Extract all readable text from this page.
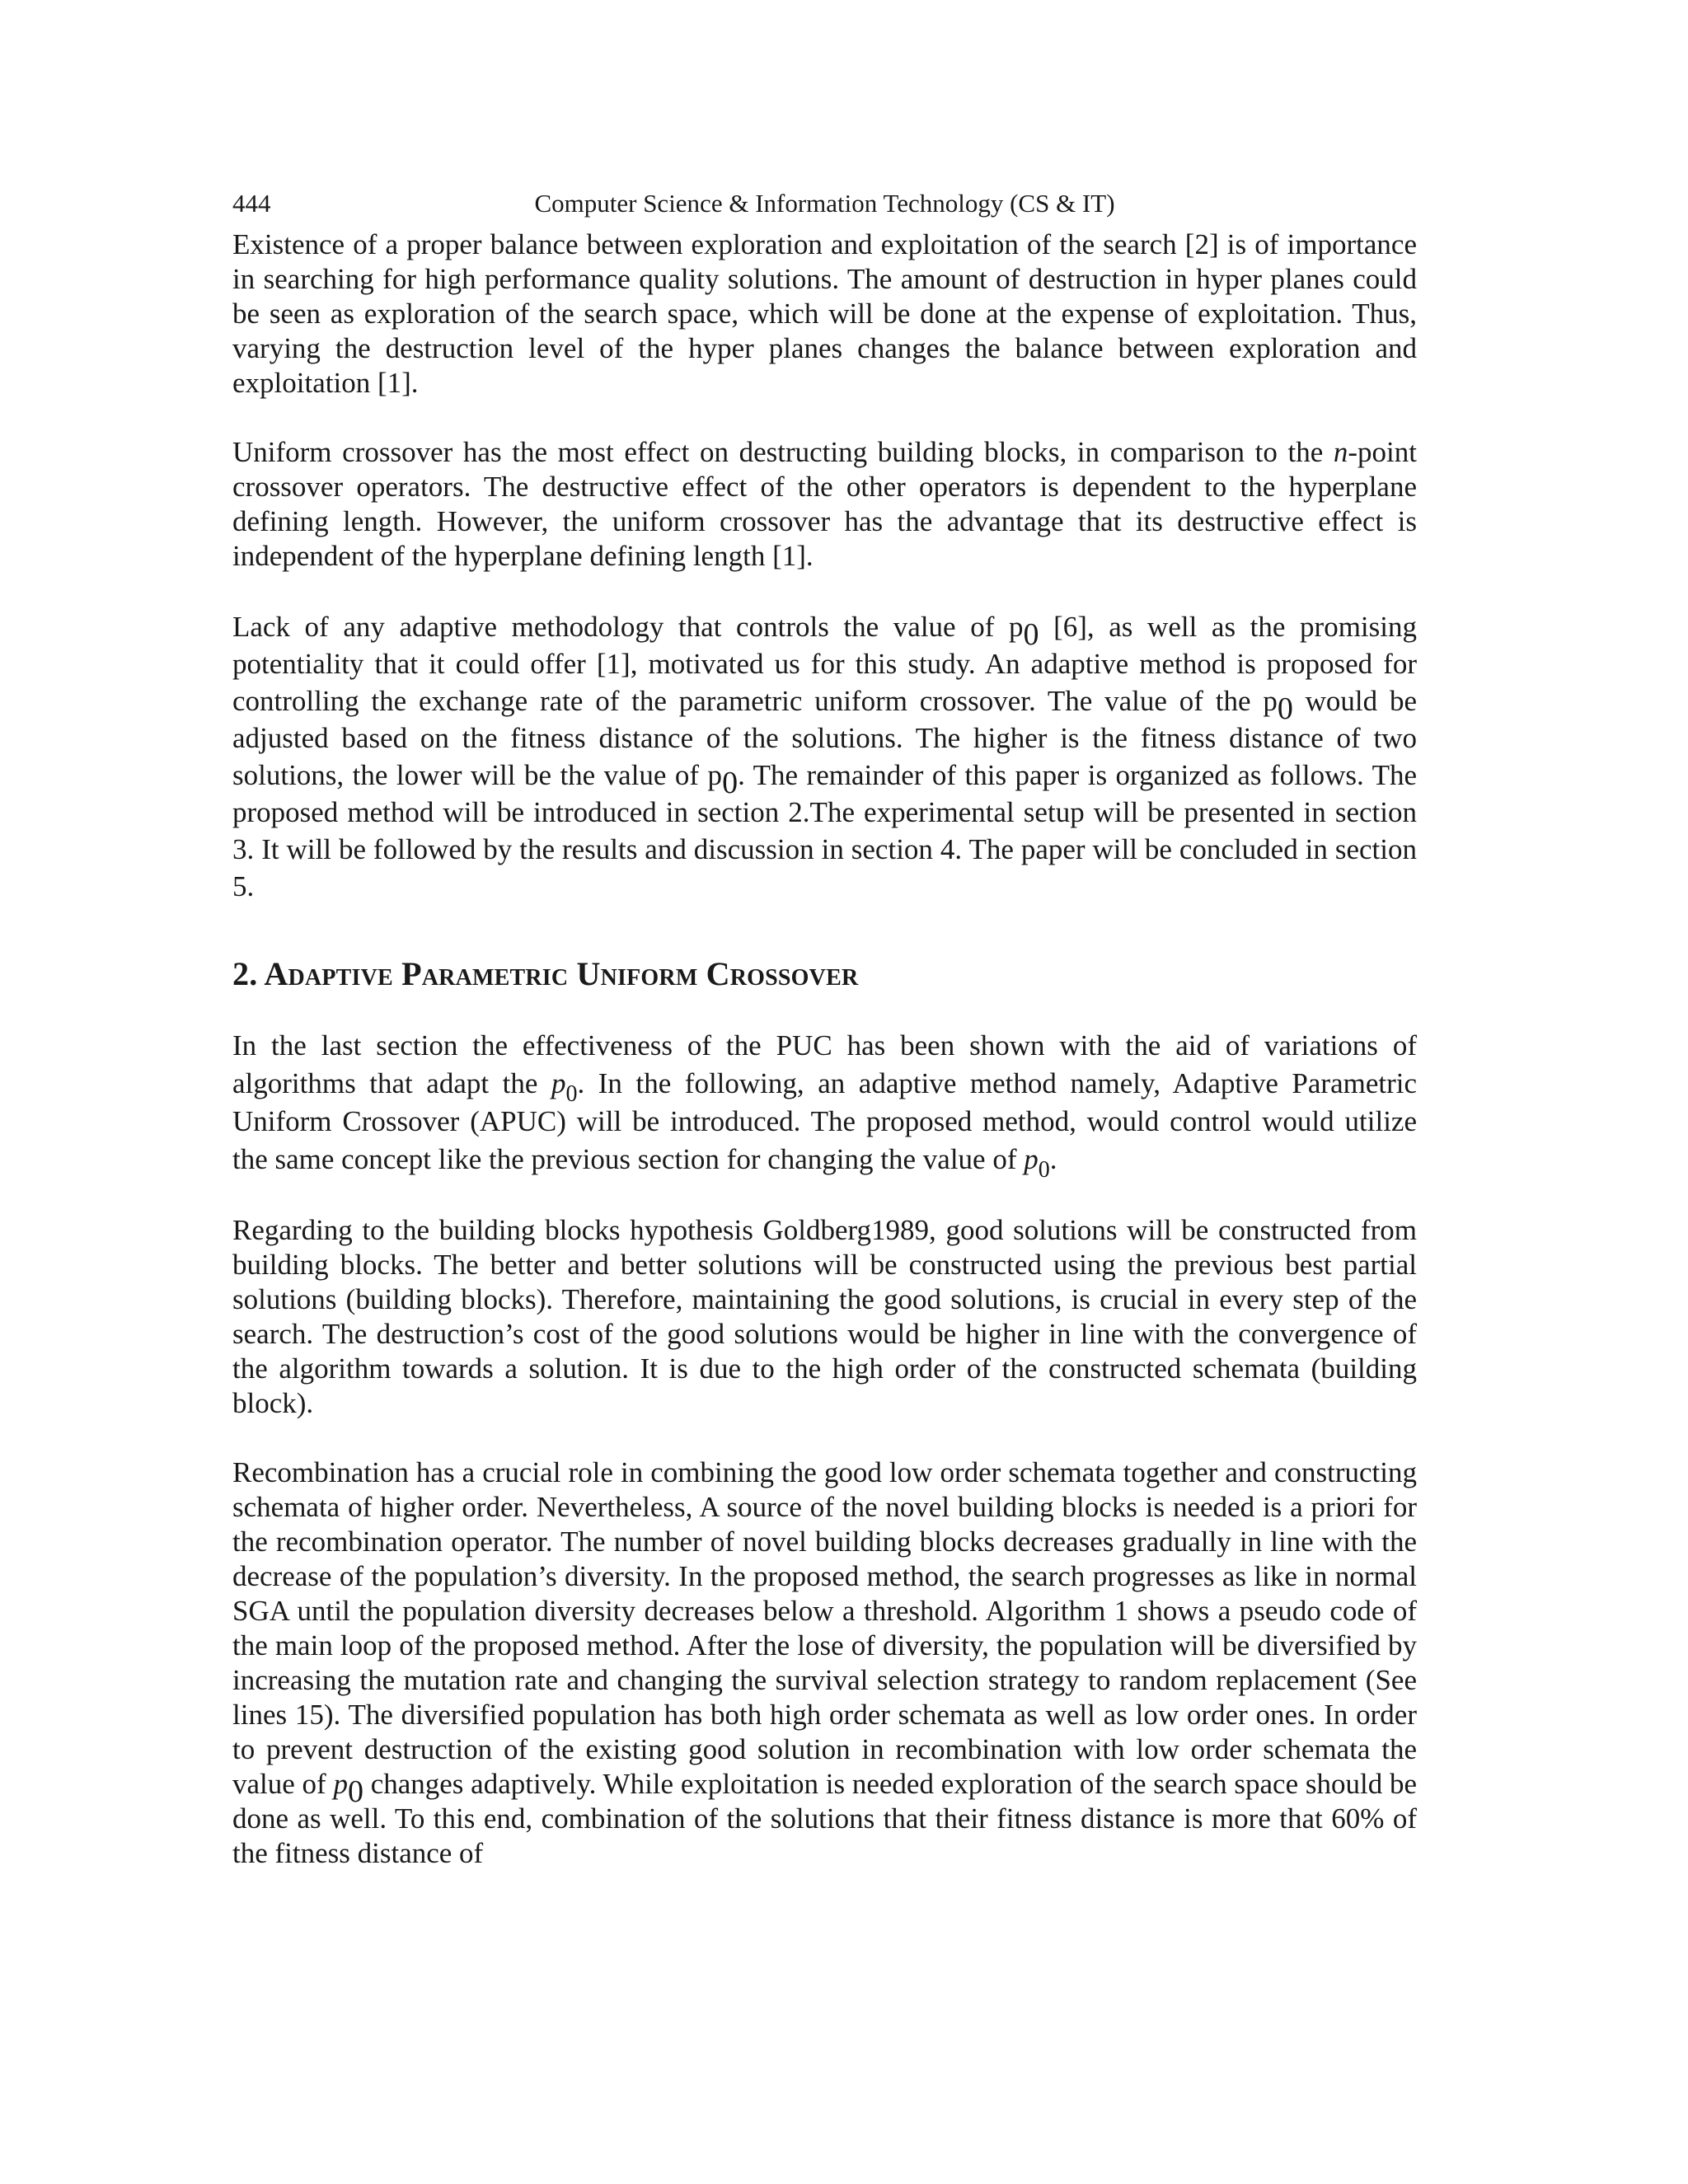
444	Computer Science & Information Technology (CS & IT)

Existence of a proper balance between exploration and exploitation of the search [2] is of importance in searching for high performance quality solutions. The amount of destruction in hyper planes could be seen as exploration of the search space, which will be done at the expense of exploitation. Thus, varying the destruction level of the hyper planes changes the balance between exploration and exploitation [1].

Uniform crossover has the most effect on destructing building blocks, in comparison to the n-point crossover operators. The destructive effect of the other operators is dependent to the hyperplane defining length. However, the uniform crossover has the advantage that its destructive effect is independent of the hyperplane defining length [1].

Lack of any adaptive methodology that controls the value of p0 [6], as well as the promising potentiality that it could offer [1], motivated us for this study. An adaptive method is proposed for controlling the exchange rate of the parametric uniform crossover. The value of the p0 would be adjusted based on the fitness distance of the solutions. The higher is the fitness distance of two solutions, the lower will be the value of p0. The remainder of this paper is organized as follows. The proposed method will be introduced in section 2.The experimental setup will be presented in section 3. It will be followed by the results and discussion in section 4. The paper will be concluded in section 5.

2. Adaptive Parametric Uniform Crossover

In the last section the effectiveness of the PUC has been shown with the aid of variations of algorithms that adapt the $p_0$. In the following, an adaptive method namely, Adaptive Parametric Uniform Crossover (APUC) will be introduced. The proposed method, would control would utilize the same concept like the previous section for changing the value of $p_0$.

Regarding to the building blocks hypothesis Goldberg1989, good solutions will be constructed from building blocks. The better and better solutions will be constructed using the previous best partial solutions (building blocks). Therefore, maintaining the good solutions, is crucial in every step of the search. The destruction’s cost of the good solutions would be higher in line with the convergence of the algorithm towards a solution. It is due to the high order of the constructed schemata (building block).

Recombination has a crucial role in combining the good low order schemata together and constructing schemata of higher order. Nevertheless, A source of the novel building blocks is needed is a priori for the recombination operator. The number of novel building blocks decreases gradually in line with the decrease of the population’s diversity. In the proposed method, the search progresses as like in normal SGA until the population diversity decreases below a threshold. Algorithm 1 shows a pseudo code of the main loop of the proposed method. After the lose of diversity, the population will be diversified by increasing the mutation rate and changing the survival selection strategy to random replacement (See lines 15). The diversified population has both high order schemata as well as low order ones. In order to prevent destruction of the existing good solution in recombination with low order schemata the value of p0 changes adaptively. While exploitation is needed exploration of the search space should be done as well. To this end, combination of the solutions that their fitness distance is more that 60% of the fitness distance of
